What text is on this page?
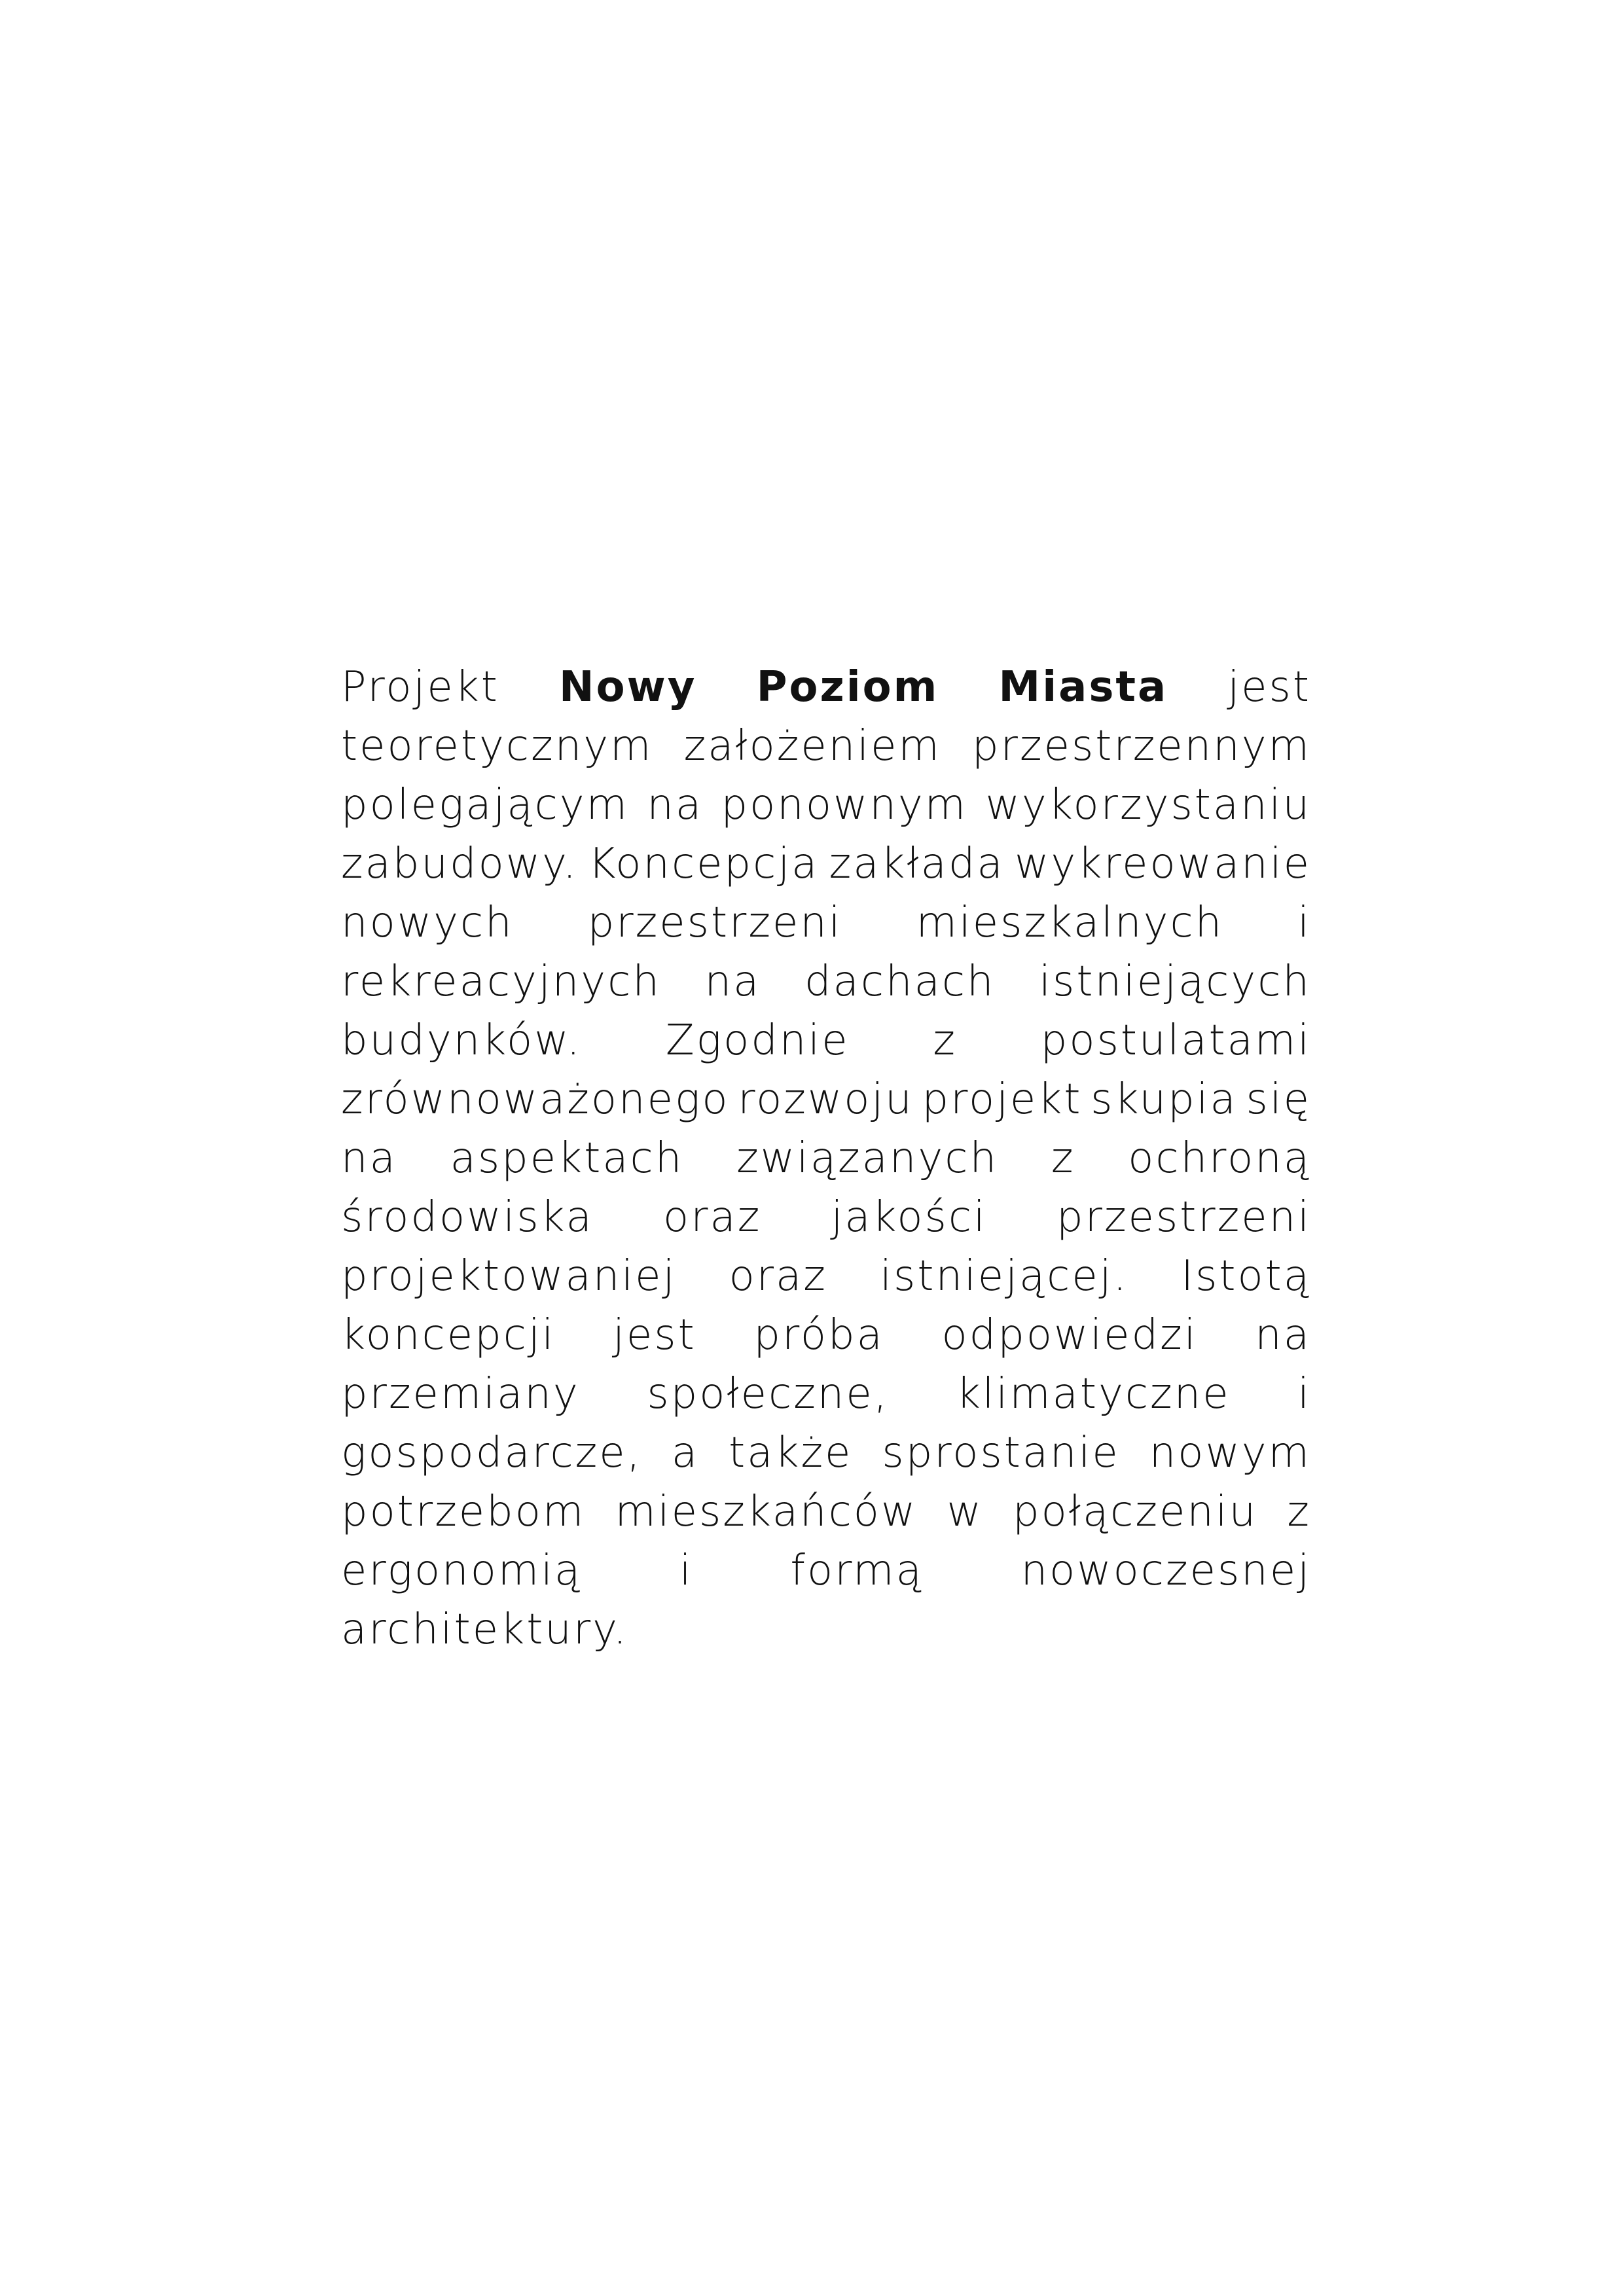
Projekt Nowy Poziom Miasta jest
teoretycznym założeniem przestrzennym
polegającym na ponownym wykorzystaniu
zabudowy. Koncepcja zakłada wykreowanie
nowych przestrzeni mieszkalnych i
rekreacyjnych na dachach istniejących
budynków. Zgodnie z postulatami
zrównoważonego rozwoju projekt skupia się
na aspektach związanych z ochroną
środowiska oraz jakości przestrzeni
projektowaniej oraz istniejącej. Istotą
koncepcji jest próba odpowiedzi na
przemiany społeczne, klimatyczne i
gospodarcze, a także sprostanie nowym
potrzebom mieszkańców w połączeniu z
ergonomią i formą nowoczesnej
architektury.
